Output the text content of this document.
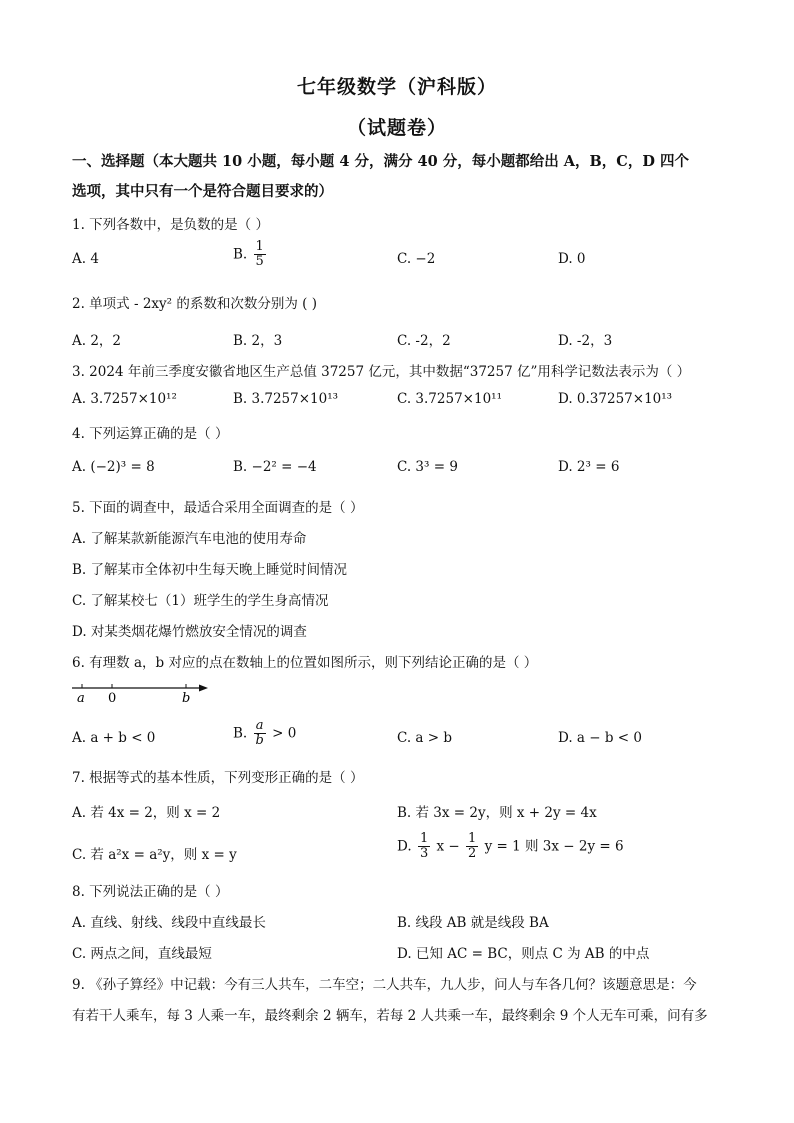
七年级数学（沪科版）
（试题卷）
一、选择题（本大题共 10 小题，每小题 4 分，满分 40 分，每小题都给出 A，B，C，D 四个
选项，其中只有一个是符合题目要求的）
1. 下列各数中，是负数的是（ ）
A. 4	B. $\frac{1}{5}$	C. −2	D. 0
2. 单项式 - 2xy² 的系数和次数分别为 ( )
A. 2，2	B. 2，3	C. -2，2	D. -2，3
3. 2024 年前三季度安徽省地区生产总值 37257 亿元，其中数据“37257 亿”用科学记数法表示为（ ）
A. 3.7257×10¹²	B. 3.7257×10¹³	C. 3.7257×10¹¹	D. 0.37257×10¹³
4. 下列运算正确的是（ ）
A. (−2)³ = 8	B. −2² = −4	C. 3³ = 9	D. 2³ = 6
5. 下面的调查中，最适合采用全面调查的是（ ）
A. 了解某款新能源汽车电池的使用寿命
B. 了解某市全体初中生每天晚上睡觉时间情况
C. 了解某校七（1）班学生的学生身高情况
D. 对某类烟花爆竹燃放安全情况的调查
6. 有理数 a，b 对应的点在数轴上的位置如图所示，则下列结论正确的是（ ）
a 0	b
A. a + b < 0	B. $\frac{a}{b} > 0$	C. a > b	D. a − b < 0
7. 根据等式的基本性质，下列变形正确的是（ ）
A. 若 4x = 2，则 x = 2	B. 若 3x = 2y，则 x + 2y = 4x
C. 若 a²x = a²y，则 x = y
D. $\frac{1}{3}$ $x - \frac{1}{2}$ y = 1 则 3x − 2y = 6
8. 下列说法正确的是（ ）
A. 直线、射线、线段中直线最长	B. 线段 AB 就是线段 BA
C. 两点之间，直线最短	D. 已知 AC = BC，则点 C 为 AB 的中点
9. 《孙子算经》中记载：今有三人共车，二车空；二人共车，九人步，问人与车各几何？该题意思是：今
有若干人乘车，每 3 人乘一车，最终剩余 2 辆车，若每 2 人共乘一车，最终剩余 9 个人无车可乘，问有多
